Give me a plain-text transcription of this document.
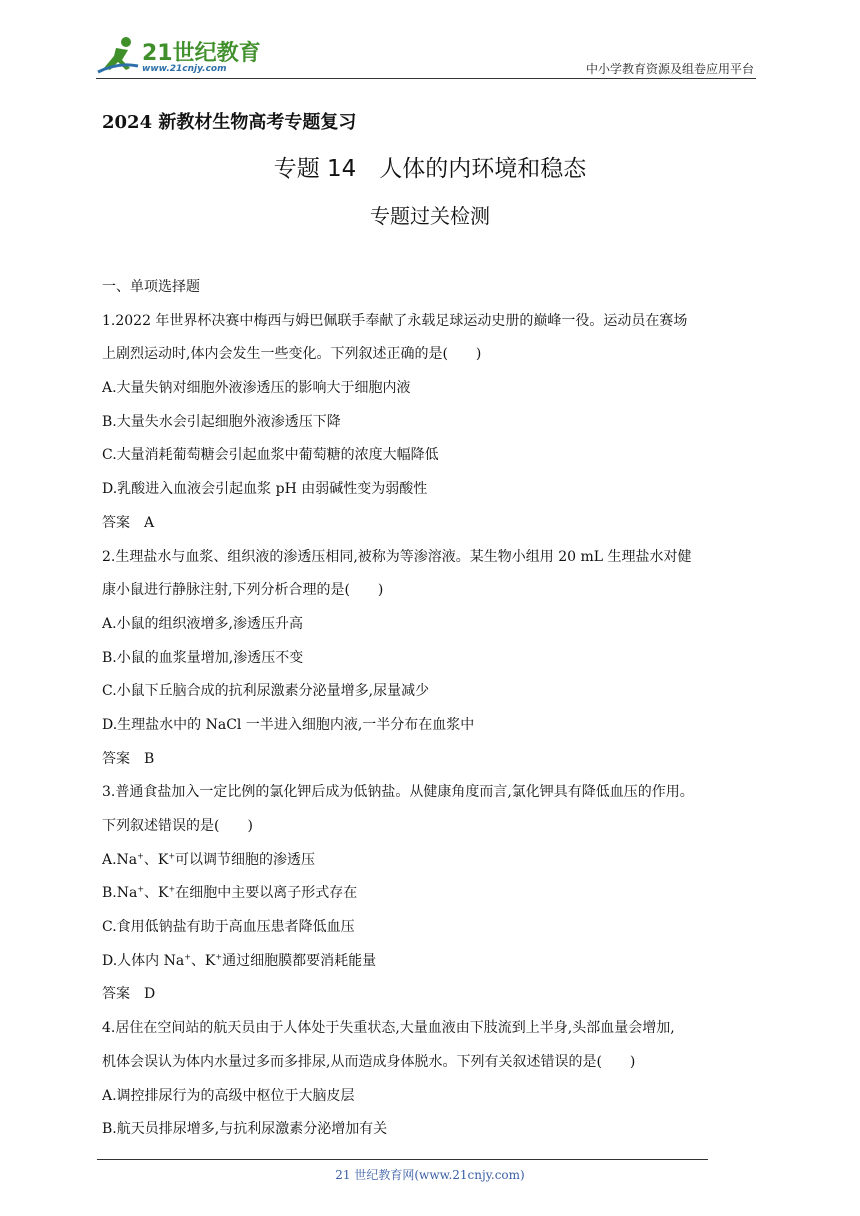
21世纪教育
www.21cnjy.com	中小学教育资源及组卷应用平台
2024 新教材生物高考专题复习
专题 14　人体的内环境和稳态
专题过关检测
一、单项选择题
1.2022 年世界杯决赛中梅西与姆巴佩联手奉献了永载足球运动史册的巅峰一役。运动员在赛场
上剧烈运动时,体内会发生一些变化。下列叙述正确的是(　　)
A.大量失钠对细胞外液渗透压的影响大于细胞内液
B.大量失水会引起细胞外液渗透压下降
C.大量消耗葡萄糖会引起血浆中葡萄糖的浓度大幅降低
D.乳酸进入血液会引起血浆 pH 由弱碱性变为弱酸性
答案　A
2.生理盐水与血浆、组织液的渗透压相同,被称为等渗溶液。某生物小组用 20 mL 生理盐水对健
康小鼠进行静脉注射,下列分析合理的是(　　)
A.小鼠的组织液增多,渗透压升高
B.小鼠的血浆量增加,渗透压不变
C.小鼠下丘脑合成的抗利尿激素分泌量增多,尿量减少
D.生理盐水中的 NaCl 一半进入细胞内液,一半分布在血浆中
答案　B
3.普通食盐加入一定比例的氯化钾后成为低钠盐。从健康角度而言,氯化钾具有降低血压的作用。
下列叙述错误的是(　　)
A.Na+、K+可以调节细胞的渗透压
B.Na+、K+在细胞中主要以离子形式存在
C.食用低钠盐有助于高血压患者降低血压
D.人体内 Na+、K+通过细胞膜都要消耗能量
答案　D
4.居住在空间站的航天员由于人体处于失重状态,大量血液由下肢流到上半身,头部血量会增加,
机体会误认为体内水量过多而多排尿,从而造成身体脱水。下列有关叙述错误的是(　　)
A.调控排尿行为的高级中枢位于大脑皮层
B.航天员排尿增多,与抗利尿激素分泌增加有关
21 世纪教育网(www.21cnjy.com)
